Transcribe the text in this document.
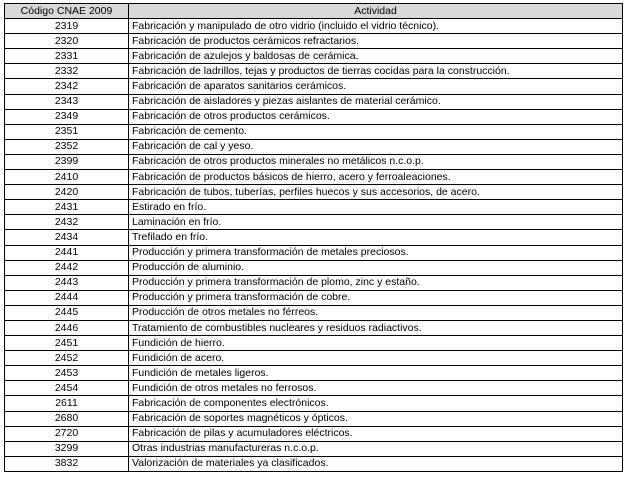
Código CNAE 2009	Actividad
2319	Fabricación y manipulado de otro vidrio (incluido el vidrio técnico).
2320	Fabricación de productos cerámicos refractarios.
2331	Fabricación de azulejos y baldosas de cerámica.
2332	Fabricación de ladrillos, tejas y productos de tierras cocidas para la construcción.
2342	Fabricación de aparatos sanitarios cerámicos.
2343	Fabricación de aisladores y piezas aislantes de material cerámico.
2349	Fabricación de otros productos cerámicos.
2351	Fabricación de cemento.
2352	Fabricación de cal y yeso.
2399	Fabricación de otros productos minerales no metálicos n.c.o.p.
2410	Fabricación de productos básicos de hierro, acero y ferroaleaciones.
2420	Fabricación de tubos, tuberías, perfiles huecos y sus accesorios, de acero.
2431	Estirado en frío.
2432	Laminación en frío.
2434	Trefilado en frío.
2441	Producción y primera transformación de metales preciosos.
2442	Producción de aluminio.
2443	Producción y primera transformación de plomo, zinc y estaño.
2444	Producción y primera transformación de cobre.
2445	Producción de otros metales no férreos.
2446	Tratamiento de combustibles nucleares y residuos radiactivos.
2451	Fundición de hierro.
2452	Fundición de acero.
2453	Fundición de metales ligeros.
2454	Fundición de otros metales no ferrosos.
2611	Fabricación de componentes electrónicos.
2680	Fabricación de soportes magnéticos y ópticos.
2720	Fabricación de pilas y acumuladores eléctricos.
3299	Otras industrias manufactureras n.c.o.p.
3832	Valorización de materiales ya clasificados.
